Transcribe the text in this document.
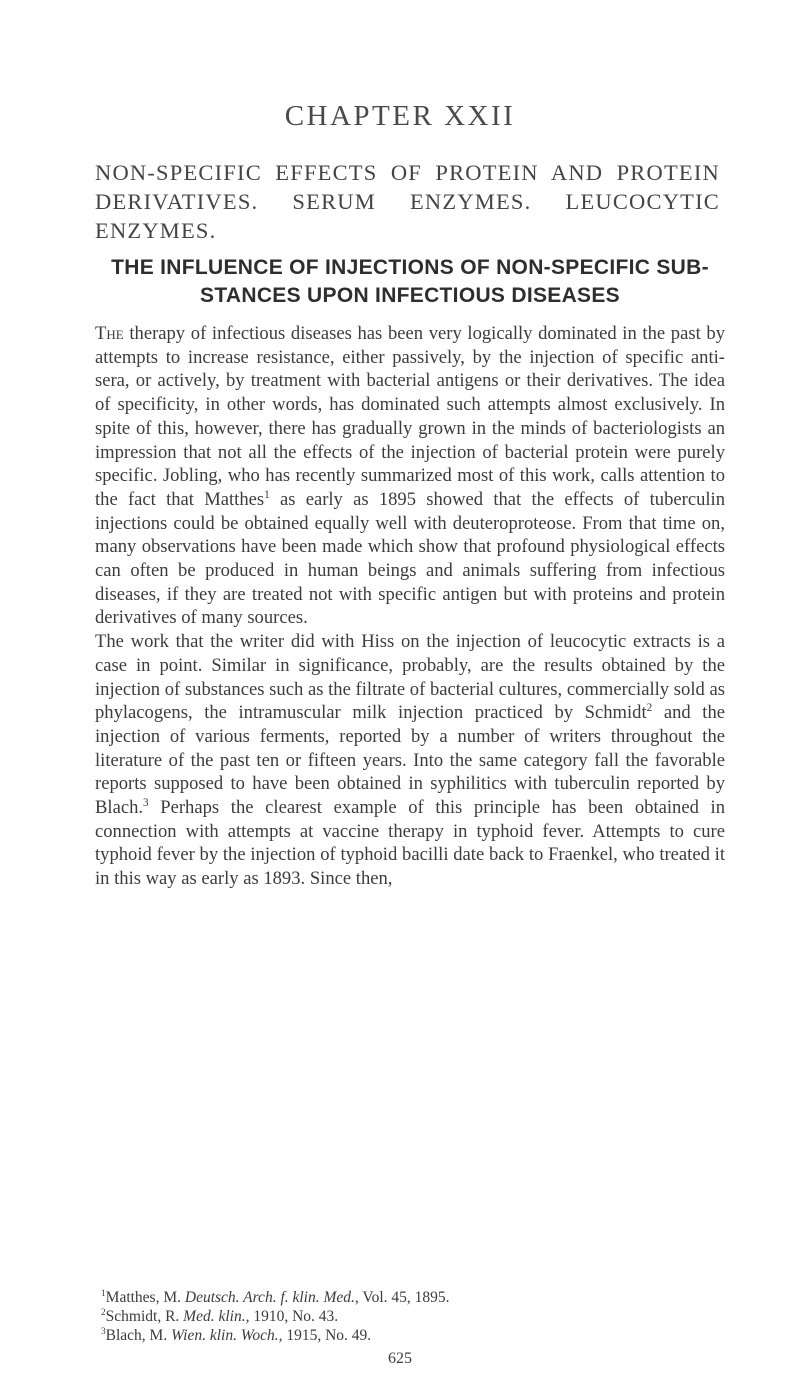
CHAPTER XXII
NON-SPECIFIC EFFECTS OF PROTEIN AND PROTEIN DERIVATIVES. SERUM ENZYMES. LEUCOCYTIC ENZYMES.
THE INFLUENCE OF INJECTIONS OF NON-SPECIFIC SUB-
STANCES UPON INFECTIOUS DISEASES

The therapy of infectious diseases has been very logically dominated in the past by attempts to increase resistance, either passively, by the injection of specific anti-sera, or actively, by treatment with bacterial antigens or their derivatives. The idea of specificity, in other words, has dominated such attempts almost exclusively. In spite of this, however, there has gradually grown in the minds of bacteriologists an impression that not all the effects of the injection of bacterial protein were purely specific. Jobling, who has recently summarized most of this work, calls attention to the fact that Matthes$^1$ as early as 1895 showed that the effects of tuberculin injections could be obtained equally well with deuteroproteose. From that time on, many observations have been made which show that profound physiological effects can often be produced in human beings and animals suffering from infectious diseases, if they are treated not with specific antigen but with proteins and protein derivatives of many sources.

The work that the writer did with Hiss on the injection of leucocytic extracts is a case in point. Similar in significance, probably, are the results obtained by the injection of substances such as the filtrate of bacterial cultures, commercially sold as phylacogens, the intramuscular milk injection practiced by Schmidt$^2$ and the injection of various ferments, reported by a number of writers throughout the literature of the past ten or fifteen years. Into the same category fall the favorable reports supposed to have been obtained in syphilitics with tuberculin reported by Blach.$^3$ Perhaps the clearest example of this principle has been obtained in connection with attempts at vaccine therapy in typhoid fever. Attempts to cure typhoid fever by the injection of typhoid bacilli date back to Fraenkel, who treated it in this way as early as 1893. Since then,

$^1$Matthes, M. Deutsch. Arch. f. klin. Med., Vol. 45, 1895.
$^2$Schmidt, R. Med. klin., 1910, No. 43.
$^3$Blach, M. Wien. klin. Woch., 1915, No. 49.
625
